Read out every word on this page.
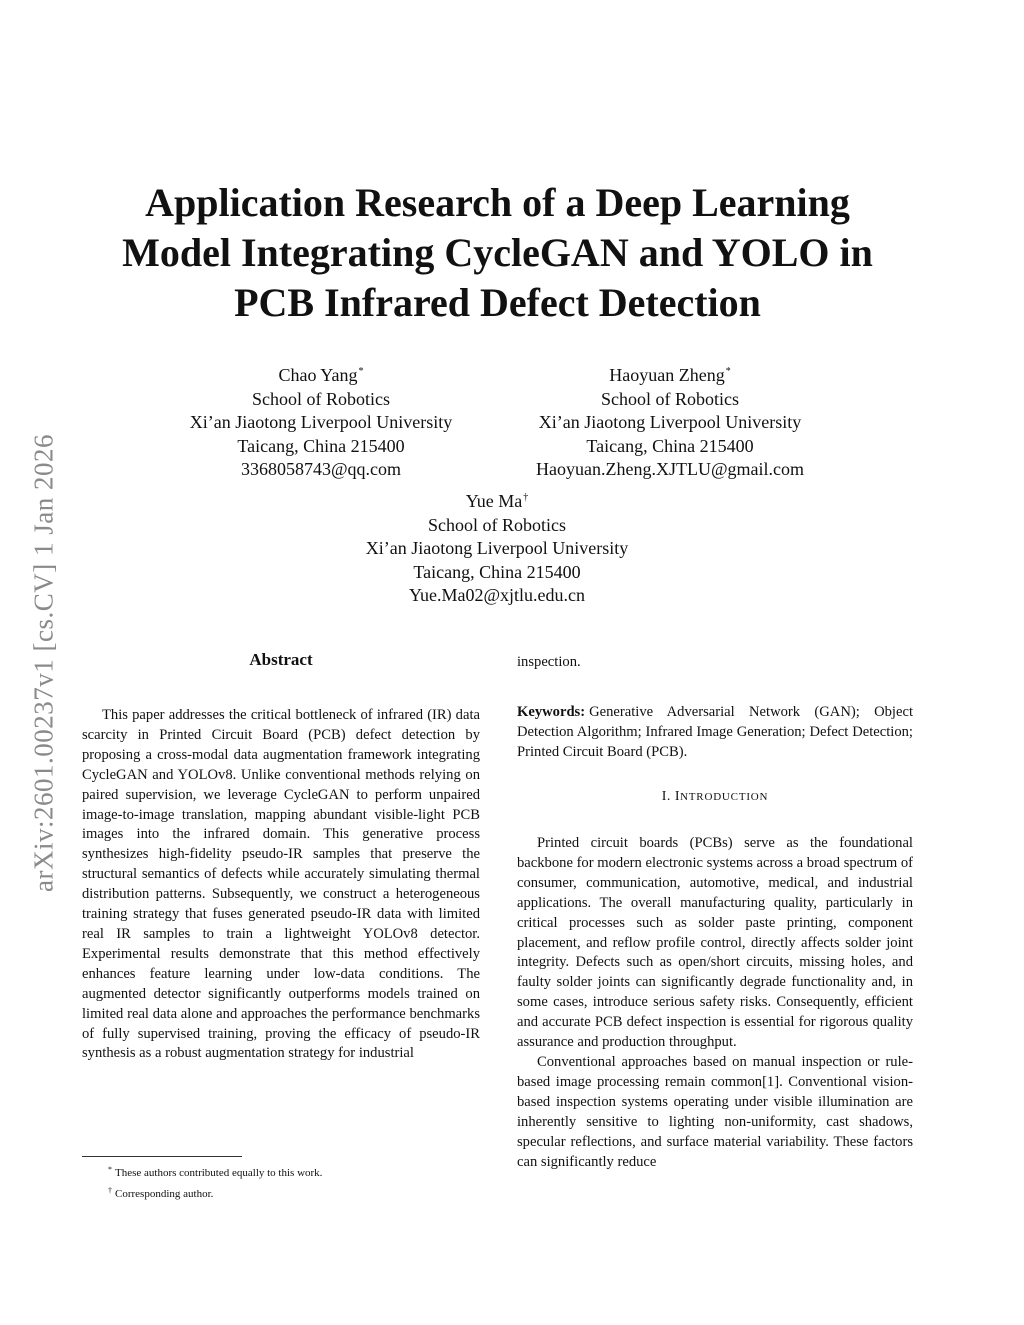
arXiv:2601.00237v1 [cs.CV] 1 Jan 2026
Application Research of a Deep Learning Model Integrating CycleGAN and YOLO in PCB Infrared Defect Detection
Chao Yang*
School of Robotics
Xi’an Jiaotong Liverpool University
Taicang, China 215400
3368058743@qq.com
Haoyuan Zheng*
School of Robotics
Xi’an Jiaotong Liverpool University
Taicang, China 215400
Haoyuan.Zheng.XJTLU@gmail.com
Yue Ma†
School of Robotics
Xi’an Jiaotong Liverpool University
Taicang, China 215400
Yue.Ma02@xjtlu.edu.cn
Abstract

This paper addresses the critical bottleneck of infrared (IR) data scarcity in Printed Circuit Board (PCB) defect detection by proposing a cross-modal data augmentation framework integrating CycleGAN and YOLOv8. Unlike conventional methods relying on paired supervision, we leverage CycleGAN to perform unpaired image-to-image translation, mapping abundant visible-light PCB images into the infrared domain. This generative process synthesizes high-fidelity pseudo-IR samples that preserve the structural semantics of defects while accurately simulating thermal distribution patterns. Subsequently, we construct a heterogeneous training strategy that fuses generated pseudo-IR data with limited real IR samples to train a lightweight YOLOv8 detector. Experimental results demonstrate that this method effectively enhances feature learning under low-data conditions. The augmented detector significantly outperforms models trained on limited real data alone and approaches the performance benchmarks of fully supervised training, proving the efficacy of pseudo-IR synthesis as a robust augmentation strategy for industrial

inspection.

Keywords: Generative Adversarial Network (GAN); Object Detection Algorithm; Infrared Image Generation; Defect Detection; Printed Circuit Board (PCB).

I. INTRODUCTION

Printed circuit boards (PCBs) serve as the foundational backbone for modern electronic systems across a broad spectrum of consumer, communication, automotive, medical, and industrial applications. The overall manufacturing quality, particularly in critical processes such as solder paste printing, component placement, and reflow profile control, directly affects solder joint integrity. Defects such as open/short circuits, missing holes, and faulty solder joints can significantly degrade functionality and, in some cases, introduce serious safety risks. Consequently, efficient and accurate PCB defect inspection is essential for rigorous quality assurance and production throughput.

Conventional approaches based on manual inspection or rule-based image processing remain common[1]. Conventional vision-based inspection systems operating under visible illumination are inherently sensitive to lighting non-uniformity, cast shadows, specular reflections, and surface material variability. These factors can significantly reduce

* These authors contributed equally to this work.
† Corresponding author.
